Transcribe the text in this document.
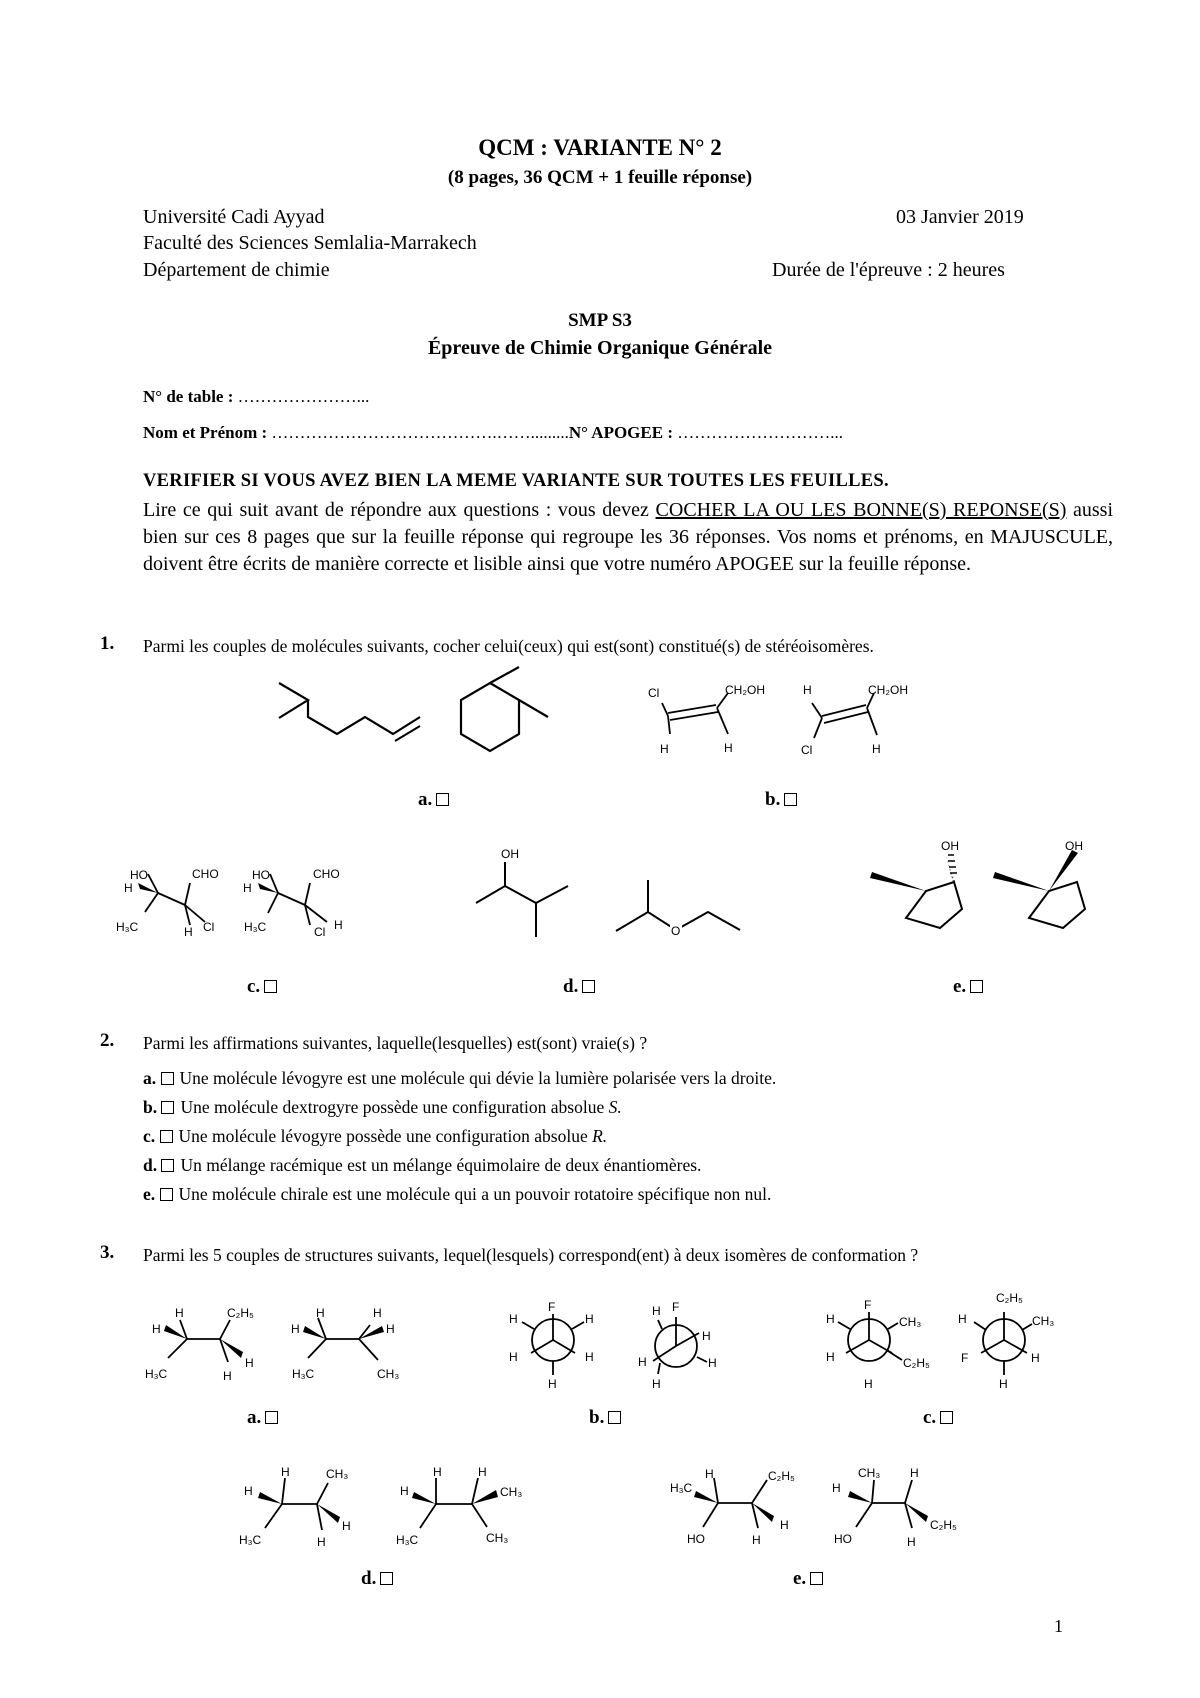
QCM : VARIANTE N° 2
(8 pages, 36 QCM + 1 feuille réponse)
Université Cadi Ayyad
Faculté des Sciences Semlalia-Marrakech
Département de chimie
03 Janvier 2019
Durée de l'épreuve : 2 heures
SMP S3
Épreuve de Chimie Organique Générale
N° de table : …………………...
Nom et Prénom : ………………………………….…….........N° APOGEE : ………………………...
VERIFIER SI VOUS AVEZ BIEN LA MEME VARIANTE SUR TOUTES LES FEUILLES.
Lire ce qui suit avant de répondre aux questions : vous devez COCHER LA OU LES BONNE(S) REPONSE(S) aussi bien sur ces 8 pages que sur la feuille réponse qui regroupe les 36 réponses. Vos noms et prénoms, en MAJUSCULE, doivent être écrits de manière correcte et lisible ainsi que votre numéro APOGEE sur la feuille réponse.
1. Parmi les couples de molécules suivants, cocher celui(ceux) qui est(sont) constitué(s) de stéréoisomères.
Cl	CH₂OH
H	H
H	CH₂OH
Cl	H
HO
H
CHO
H₃C	H Cl
HO
H
CHO
H₃C	Cl H
OH
O
OH	OH
H	C₂H₅
H
H
H₃C	H
H	H
H	H
H₃C	CH₃
F
H	H
H	H
H
H F
H
H	H
H
F
H	CH₃
H	C₂H₅
H
C₂H₅
H	CH₃
F	H
H
H	CH₃
H
H
H₃C	H
H	H
H	CH₃
H₃C	CH₃
H₃C
H	C₂H₅
H
HO	H
CH₃ H
H
C₂H₅
HO	H
a.	b.
c.	d.	e.
2. Parmi les affirmations suivantes, laquelle(lesquelles) est(sont) vraie(s) ?
a. Une molécule lévogyre est une molécule qui dévie la lumière polarisée vers la droite.
b. Une molécule dextrogyre possède une configuration absolue S.
c. Une molécule lévogyre possède une configuration absolue R.
d. Un mélange racémique est un mélange équimolaire de deux énantiomères.
e. Une molécule chirale est une molécule qui a un pouvoir rotatoire spécifique non nul.
3. Parmi les 5 couples de structures suivants, lequel(lesquels) correspond(ent) à deux isomères de conformation ?
a.	b.	c.
d.	e.
1
